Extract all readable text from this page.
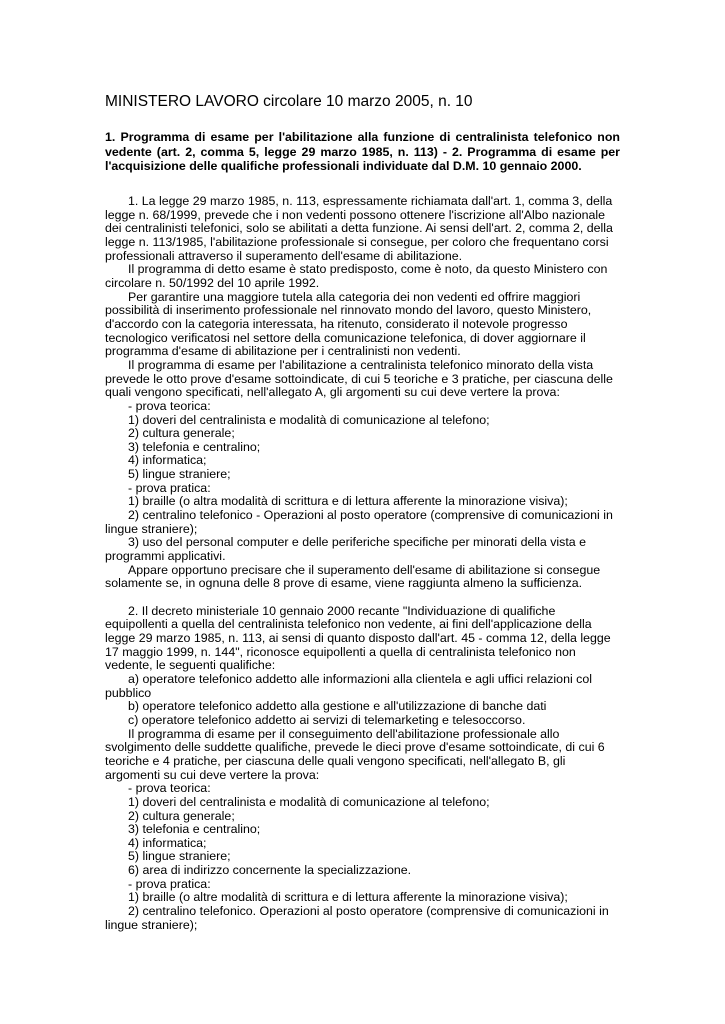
MINISTERO LAVORO circolare 10 marzo 2005, n. 10

1. Programma di esame per l'abilitazione alla funzione di centralinista telefonico non vedente (art. 2, comma 5, legge 29 marzo 1985, n. 113) - 2. Programma di esame per l'acquisizione delle qualifiche professionali individuate dal D.M. 10 gennaio 2000.

1. La legge 29 marzo 1985, n. 113, espressamente richiamata dall'art. 1, comma 3, della legge n. 68/1999, prevede che i non vedenti possono ottenere l'iscrizione all'Albo nazionale dei centralinisti telefonici, solo se abilitati a detta funzione. Ai sensi dell'art. 2, comma 2, della legge n. 113/1985, l'abilitazione professionale si consegue, per coloro che frequentano corsi professionali attraverso il superamento dell'esame di abilitazione.

Il programma di detto esame è stato predisposto, come è noto, da questo Ministero con circolare n. 50/1992 del 10 aprile 1992.

Per garantire una maggiore tutela alla categoria dei non vedenti ed offrire maggiori possibilità di inserimento professionale nel rinnovato mondo del lavoro, questo Ministero, d'accordo con la categoria interessata, ha ritenuto, considerato il notevole progresso tecnologico verificatosi nel settore della comunicazione telefonica, di dover aggiornare il programma d'esame di abilitazione per i centralinisti non vedenti.

Il programma di esame per l'abilitazione a centralinista telefonico minorato della vista prevede le otto prove d'esame sottoindicate, di cui 5 teoriche e 3 pratiche, per ciascuna delle quali vengono specificati, nell'allegato A, gli argomenti su cui deve vertere la prova:

- prova teorica:

1) doveri del centralinista e modalità di comunicazione al telefono;

2) cultura generale;

3) telefonia e centralino;

4) informatica;

5) lingue straniere;

- prova pratica:

1) braille (o altra modalità di scrittura e di lettura afferente la minorazione visiva);

2) centralino telefonico - Operazioni al posto operatore (comprensive di comunicazioni in lingue straniere);

3) uso del personal computer e delle periferiche specifiche per minorati della vista e programmi applicativi.

Appare opportuno precisare che il superamento dell'esame di abilitazione si consegue solamente se, in ognuna delle 8 prove di esame, viene raggiunta almeno la sufficienza.

2. Il decreto ministeriale 10 gennaio 2000 recante "Individuazione di qualifiche equipollenti a quella del centralinista telefonico non vedente, ai fini dell'applicazione della legge 29 marzo 1985, n. 113, ai sensi di quanto disposto dall'art. 45 - comma 12, della legge 17 maggio 1999, n. 144", riconosce equipollenti a quella di centralinista telefonico non vedente, le seguenti qualifiche:

a) operatore telefonico addetto alle informazioni alla clientela e agli uffici relazioni col pubblico

b) operatore telefonico addetto alla gestione e all'utilizzazione di banche dati

c) operatore telefonico addetto ai servizi di telemarketing e telesoccorso.

Il programma di esame per il conseguimento dell'abilitazione professionale allo svolgimento delle suddette qualifiche, prevede le dieci prove d'esame sottoindicate, di cui 6 teoriche e 4 pratiche, per ciascuna delle quali vengono specificati, nell'allegato B, gli argomenti su cui deve vertere la prova:

- prova teorica:

1) doveri del centralinista e modalità di comunicazione al telefono;

2) cultura generale;

3) telefonia e centralino;

4) informatica;

5) lingue straniere;

6) area di indirizzo concernente la specializzazione.

- prova pratica:

1) braille (o altre modalità di scrittura e di lettura afferente la minorazione visiva);

2) centralino telefonico. Operazioni al posto operatore (comprensive di comunicazioni in lingue straniere);
